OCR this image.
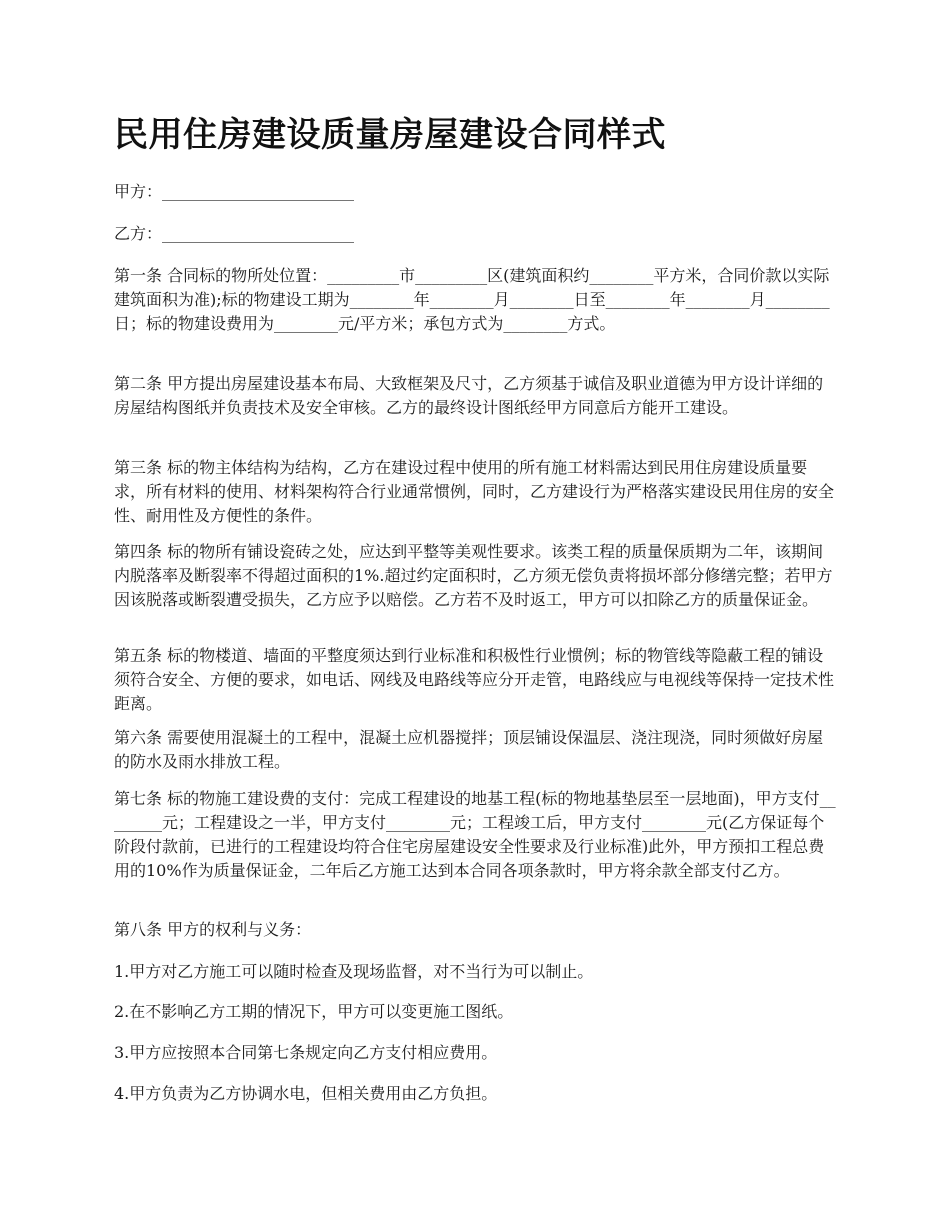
民用住房建设质量房屋建设合同样式

甲方：________________________

乙方：________________________

第一条 合同标的物所处位置：_________市_________区(建筑面积约________平方米，合同价款以实际建筑面积为准);标的物建设工期为________年________月________日至________年________月________日；标的物建设费用为________元/平方米；承包方式为________方式。

第二条 甲方提出房屋建设基本布局、大致框架及尺寸，乙方须基于诚信及职业道德为甲方设计详细的房屋结构图纸并负责技术及安全审核。乙方的最终设计图纸经甲方同意后方能开工建设。

第三条 标的物主体结构为结构，乙方在建设过程中使用的所有施工材料需达到民用住房建设质量要求，所有材料的使用、材料架构符合行业通常惯例，同时，乙方建设行为严格落实建设民用住房的安全性、耐用性及方便性的条件。

第四条 标的物所有铺设瓷砖之处，应达到平整等美观性要求。该类工程的质量保质期为二年，该期间内脱落率及断裂率不得超过面积的1%.超过约定面积时，乙方须无偿负责将损坏部分修缮完整；若甲方因该脱落或断裂遭受损失，乙方应予以赔偿。乙方若不及时返工，甲方可以扣除乙方的质量保证金。

第五条 标的物楼道、墙面的平整度须达到行业标准和积极性行业惯例；标的物管线等隐蔽工程的铺设须符合安全、方便的要求，如电话、网线及电路线等应分开走管，电路线应与电视线等保持一定技术性距离。

第六条 需要使用混凝土的工程中，混凝土应机器搅拌；顶层铺设保温层、浇注现浇，同时须做好房屋的防水及雨水排放工程。

第七条 标的物施工建设费的支付：完成工程建设的地基工程(标的物地基垫层至一层地面)，甲方支付________元；工程建设之一半，甲方支付________元；工程竣工后，甲方支付________元(乙方保证每个阶段付款前，已进行的工程建设均符合住宅房屋建设安全性要求及行业标准)此外，甲方预扣工程总费用的10%作为质量保证金，二年后乙方施工达到本合同各项条款时，甲方将余款全部支付乙方。

第八条 甲方的权利与义务：

1.甲方对乙方施工可以随时检查及现场监督，对不当行为可以制止。

2.在不影响乙方工期的情况下，甲方可以变更施工图纸。

3.甲方应按照本合同第七条规定向乙方支付相应费用。

4.甲方负责为乙方协调水电，但相关费用由乙方负担。
